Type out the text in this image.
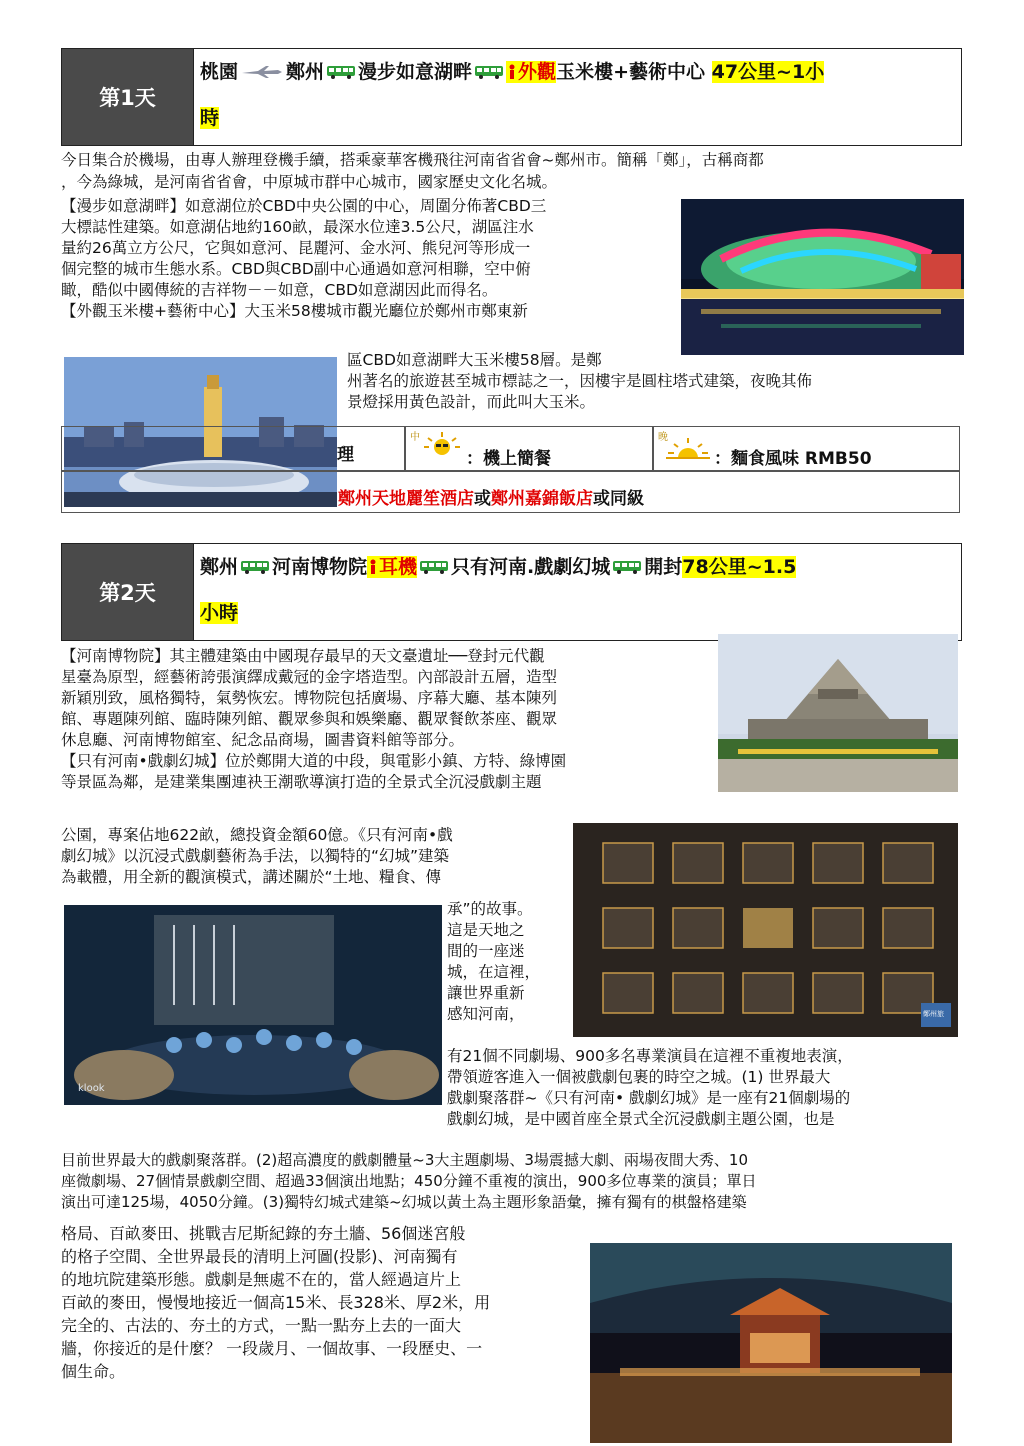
第1天
桃園	鄭州 漫步如意湖畔 外觀玉米樓+藝術中心 47公里~1小
時
今日集合於機場，由專人辦理登機手續，搭乘豪華客機飛往河南省省會~鄭州市。簡稱「鄭」，古稱商都
，今為綠城，是河南省省會，中原城市群中心城市，國家歷史文化名城。
【漫步如意湖畔】如意湖位於CBD中央公園的中心，周圍分佈著CBD三
大標誌性建築。如意湖佔地約160畝，最深水位達3.5公尺，湖區注水
量約26萬立方公尺，它與如意河、昆麗河、金水河、熊兒河等形成一
個完整的城市生態水系。CBD與CBD副中心通過如意河相聯，空中俯
瞰，酷似中國傳統的吉祥物－－如意，CBD如意湖因此而得名。
【外觀玉米樓+藝術中心】大玉米58樓城市觀光廳位於鄭州市鄭東新
區CBD如意湖畔大玉米樓58層。是鄭
州著名的旅遊甚至城市標誌之一，因樓宇是圓柱塔式建築，夜晚其佈
景燈採用黃色設計，而此叫大玉米。
理
中
：機上簡餐
晚
：麵食風味 RMB50
鄭州天地麗笙酒店或鄭州嘉錦飯店或同級
第2天
鄭州 河南博物院 耳機 只有河南.戲劇幻城 開封78公里~1.5
小時
【河南博物院】其主體建築由中國現存最早的天文臺遺址──登封元代觀
星臺為原型，經藝術誇張演繹成戴冠的金字塔造型。內部設計五層，造型
新穎別致，風格獨特，氣勢恢宏。博物院包括廣場、序幕大廳、基本陳列
館、專題陳列館、臨時陳列館、觀眾參與和娛樂廳、觀眾餐飲茶座、觀眾
休息廳、河南博物館室、紀念品商場，圖書資料館等部分。
【只有河南•戲劇幻城】位於鄭開大道的中段，與電影小鎮、方特、綠博園
等景區為鄰，是建業集團連袂王潮歌導演打造的全景式全沉浸戲劇主題
鄭州旅
公園，專案佔地622畝，總投資金額60億。《只有河南•戲
劇幻城》以沉浸式戲劇藝術為手法，以獨特的“幻城”建築
為載體，用全新的觀演模式，講述關於“土地、糧食、傳
klook
承”的故事。
這是天地之
間的一座迷
城，在這裡，
讓世界重新
感知河南，
有21個不同劇場、900多名專業演員在這裡不重複地表演，
帶領遊客進入一個被戲劇包裹的時空之城。(1) 世界最大
戲劇聚落群~《只有河南• 戲劇幻城》是一座有21個劇場的
戲劇幻城，是中國首座全景式全沉浸戲劇主題公園，也是
目前世界最大的戲劇聚落群。(2)超高濃度的戲劇體量~3大主題劇場、3場震撼大劇、兩場夜間大秀、10
座微劇場、27個情景戲劇空間、超過33個演出地點；450分鐘不重複的演出，900多位專業的演員；單日
演出可達125場，4050分鐘。(3)獨特幻城式建築~幻城以黃土為主題形象語彙，擁有獨有的棋盤格建築
格局、百畝麥田、挑戰吉尼斯紀錄的夯土牆、56個迷宮般
的格子空間、全世界最長的清明上河圖(投影)、河南獨有
的地坑院建築形態。戲劇是無處不在的，當人經過這片上
百畝的麥田，慢慢地接近一個高15米、長328米、厚2米，用
完全的、古法的、夯土的方式，一點一點夯上去的一面大
牆，你接近的是什麼？ 一段歲月、一個故事、一段歷史、一
個生命。
